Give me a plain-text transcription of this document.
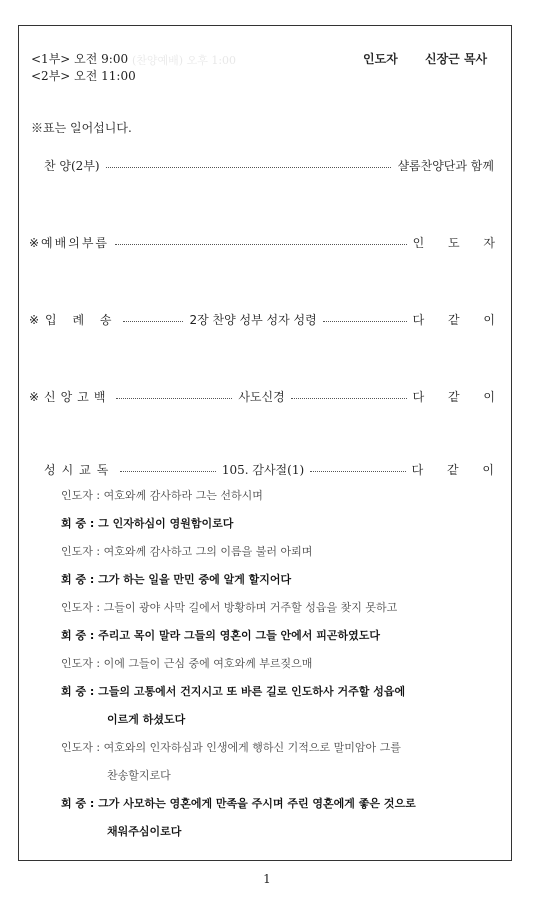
<1부> 오전 9:00 (찬양예배) 오후 1:00
<2부> 오전 11:00
인도자 신장근 목사
※표는 일어섭니다.
찬 양(2부)	샬롬찬양단과 함께
※예배의부름	인 도 자
※입 례 송	2장 찬양 성부 성자 성령	다 같 이
※신앙고백	사도신경	다 같 이
성시교독	105. 감사절(1)	다 같 이
인도자 : 여호와께 감사하라 그는 선하시며
회 중 : 그 인자하심이 영원함이로다
인도자 : 여호와께 감사하고 그의 이름을 불러 아뢰며
회 중 : 그가 하는 일을 만민 중에 알게 할지어다
인도자 : 그들이 광야 사막 길에서 방황하며 거주할 성읍을 찾지 못하고
회 중 : 주리고 목이 말라 그들의 영혼이 그들 안에서 피곤하였도다
인도자 : 이에 그들이 근심 중에 여호와께 부르짖으매
회 중 : 그들의 고통에서 건지시고 또 바른 길로 인도하사 거주할 성읍에
이르게 하셨도다
인도자 : 여호와의 인자하심과 인생에게 행하신 기적으로 말미암아 그를
찬송할지로다
회 중 : 그가 사모하는 영혼에게 만족을 주시며 주린 영혼에게 좋은 것으로
채워주심이로다
1
